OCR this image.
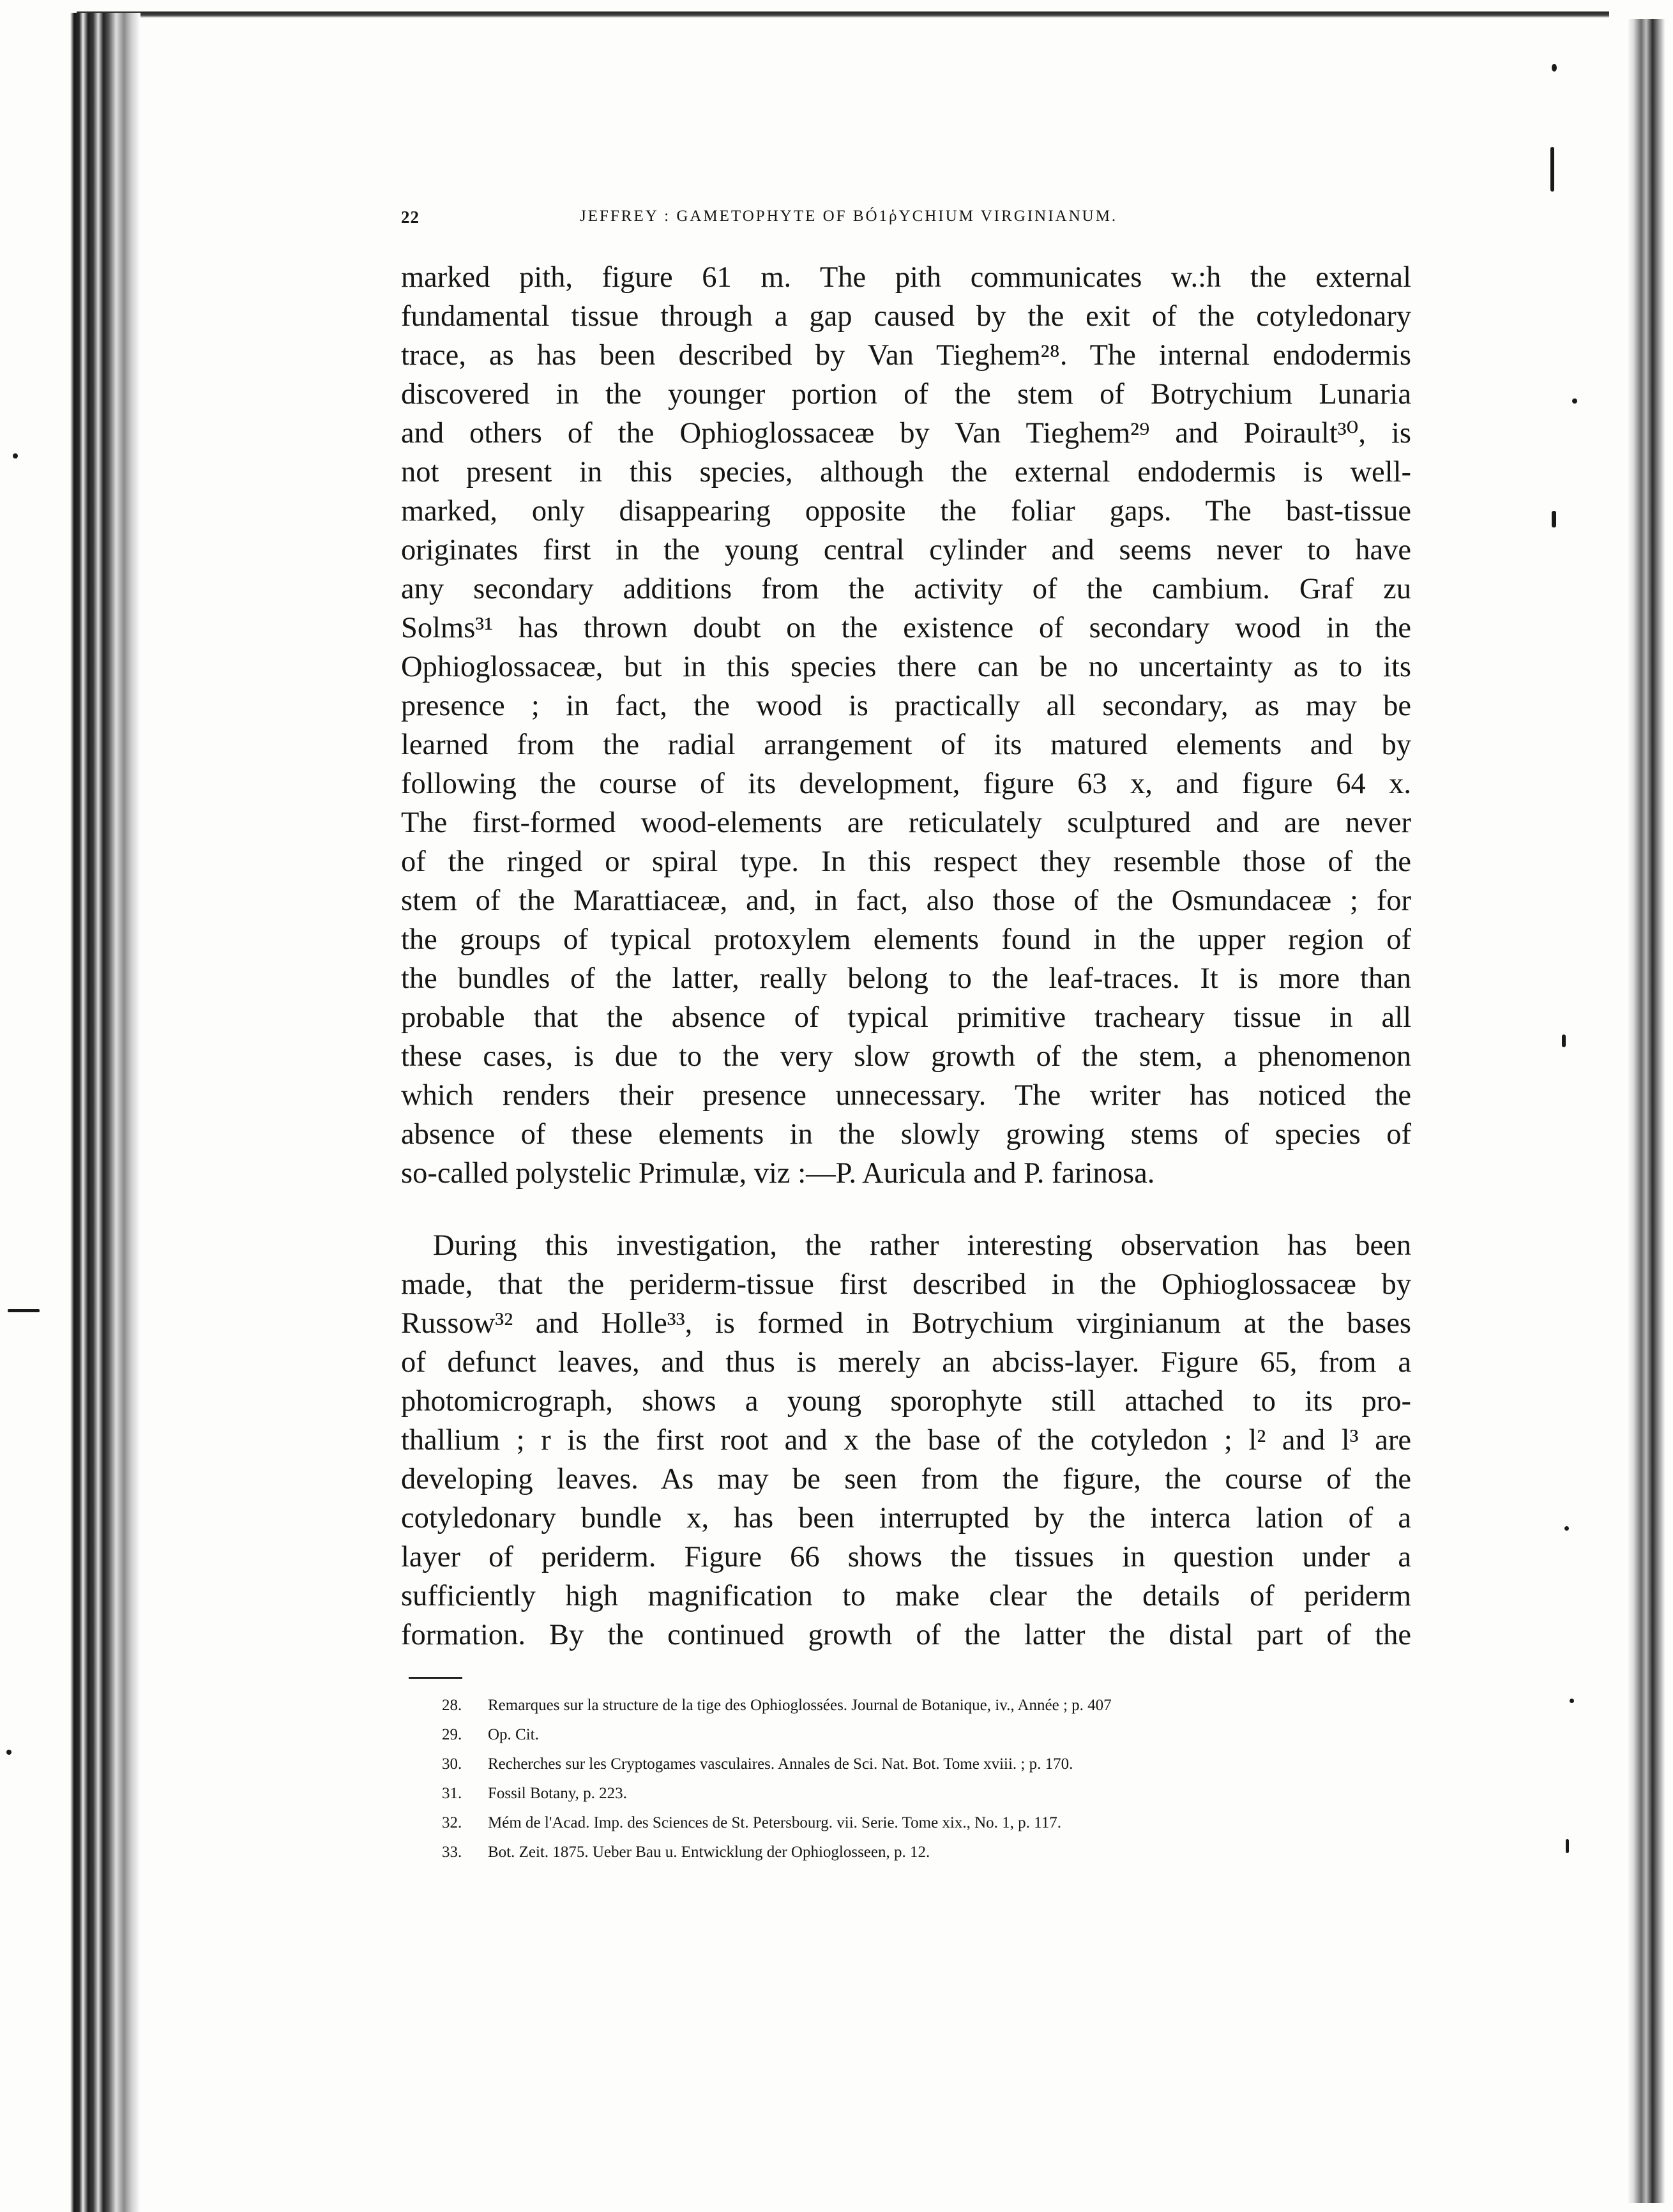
22	JEFFREY : GAMETOPHYTE OF BÓ1ῥYCHIUM VIRGINIANUM.
marked pith, figure 61 m. The pith communicates w.:h the external
fundamental tissue through a gap caused by the exit of the cotyledonary
trace, as has been described by Van Tieghem²⁸. The internal endodermis
discovered in the younger portion of the stem of Botrychium Lunaria
and others of the Ophioglossaceæ by Van Tieghem²⁹ and Poirault³⁰, is
not present in this species, although the external endodermis is well-
marked, only disappearing opposite the foliar gaps. The bast-tissue
originates first in the young central cylinder and seems never to have
any secondary additions from the activity of the cambium. Graf zu
Solms³¹ has thrown doubt on the existence of secondary wood in the
Ophioglossaceæ, but in this species there can be no uncertainty as to its
presence ; in fact, the wood is practically all secondary, as may be
learned from the radial arrangement of its matured elements and by
following the course of its development, figure 63 x, and figure 64 x.
The first-formed wood-elements are reticulately sculptured and are never
of the ringed or spiral type. In this respect they resemble those of the
stem of the Marattiaceæ, and, in fact, also those of the Osmundaceæ ; for
the groups of typical protoxylem elements found in the upper region of
the bundles of the latter, really belong to the leaf-traces. It is more than
probable that the absence of typical primitive tracheary tissue in all
these cases, is due to the very slow growth of the stem, a phenomenon
which renders their presence unnecessary. The writer has noticed the
absence of these elements in the slowly growing stems of species of
so-called polystelic Primulæ, viz :—P. Auricula and P. farinosa.
During this investigation, the rather interesting observation has been
made, that the periderm-tissue first described in the Ophioglossaceæ by
Russow³² and Holle³³, is formed in Botrychium virginianum at the bases
of defunct leaves, and thus is merely an abciss-layer. Figure 65, from a
photomicrograph, shows a young sporophyte still attached to its pro-
thallium ; r is the first root and x the base of the cotyledon ; l² and l³ are
developing leaves. As may be seen from the figure, the course of the
cotyledonary bundle x, has been interrupted by the interca lation of a
layer of periderm. Figure 66 shows the tissues in question under a
sufficiently high magnification to make clear the details of periderm
formation. By the continued growth of the latter the distal part of the
28.	Remarques sur la structure de la tige des Ophioglossées. Journal de Botanique, iv., Année ; p. 407
29.	Op. Cit.
30.	Recherches sur les Cryptogames vasculaires. Annales de Sci. Nat. Bot. Tome xviii. ; p. 170.
31.	Fossil Botany, p. 223.
32.	Mém de l'Acad. Imp. des Sciences de St. Petersbourg. vii. Serie. Tome xix., No. 1, p. 117.
33.	Bot. Zeit. 1875. Ueber Bau u. Entwicklung der Ophioglosseen, p. 12.
